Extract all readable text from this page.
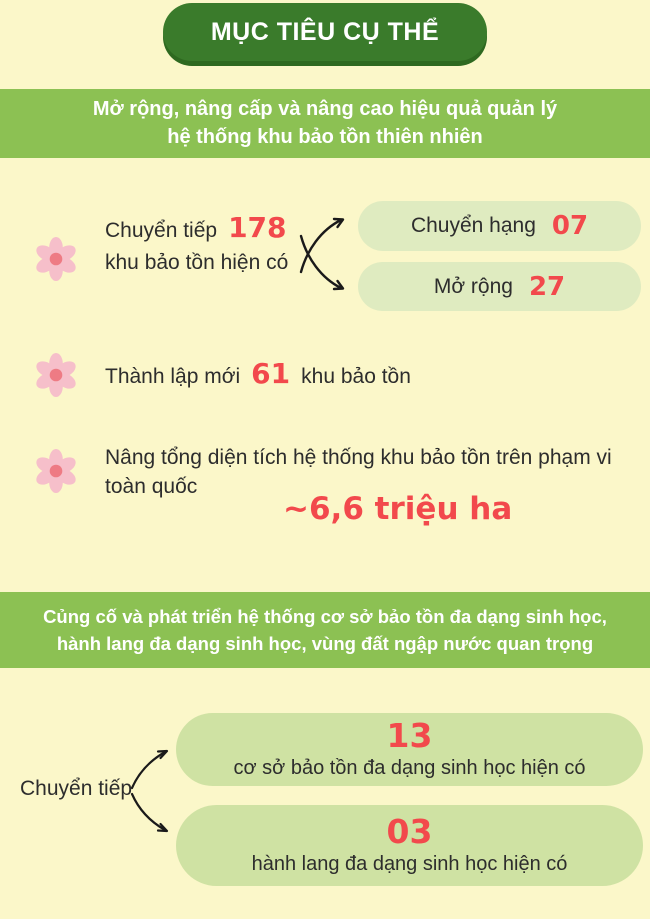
MỤC TIÊU CỤ THỂ
Mở rộng, nâng cấp và nâng cao hiệu quả quản lý
hệ thống khu bảo tồn thiên nhiên
Chuyển tiếp 178
khu bảo tồn hiện có
Chuyển hạng 07
Mở rộng 27
Thành lập mới 61 khu bảo tồn
Nâng tổng diện tích hệ thống khu bảo tồn trên phạm vi
toàn quốc
~6,6 triệu ha
Củng cố và phát triển hệ thống cơ sở bảo tồn đa dạng sinh học,
hành lang đa dạng sinh học, vùng đất ngập nước quan trọng
Chuyển tiếp
13
cơ sở bảo tồn đa dạng sinh học hiện có
03
hành lang đa dạng sinh học hiện có
